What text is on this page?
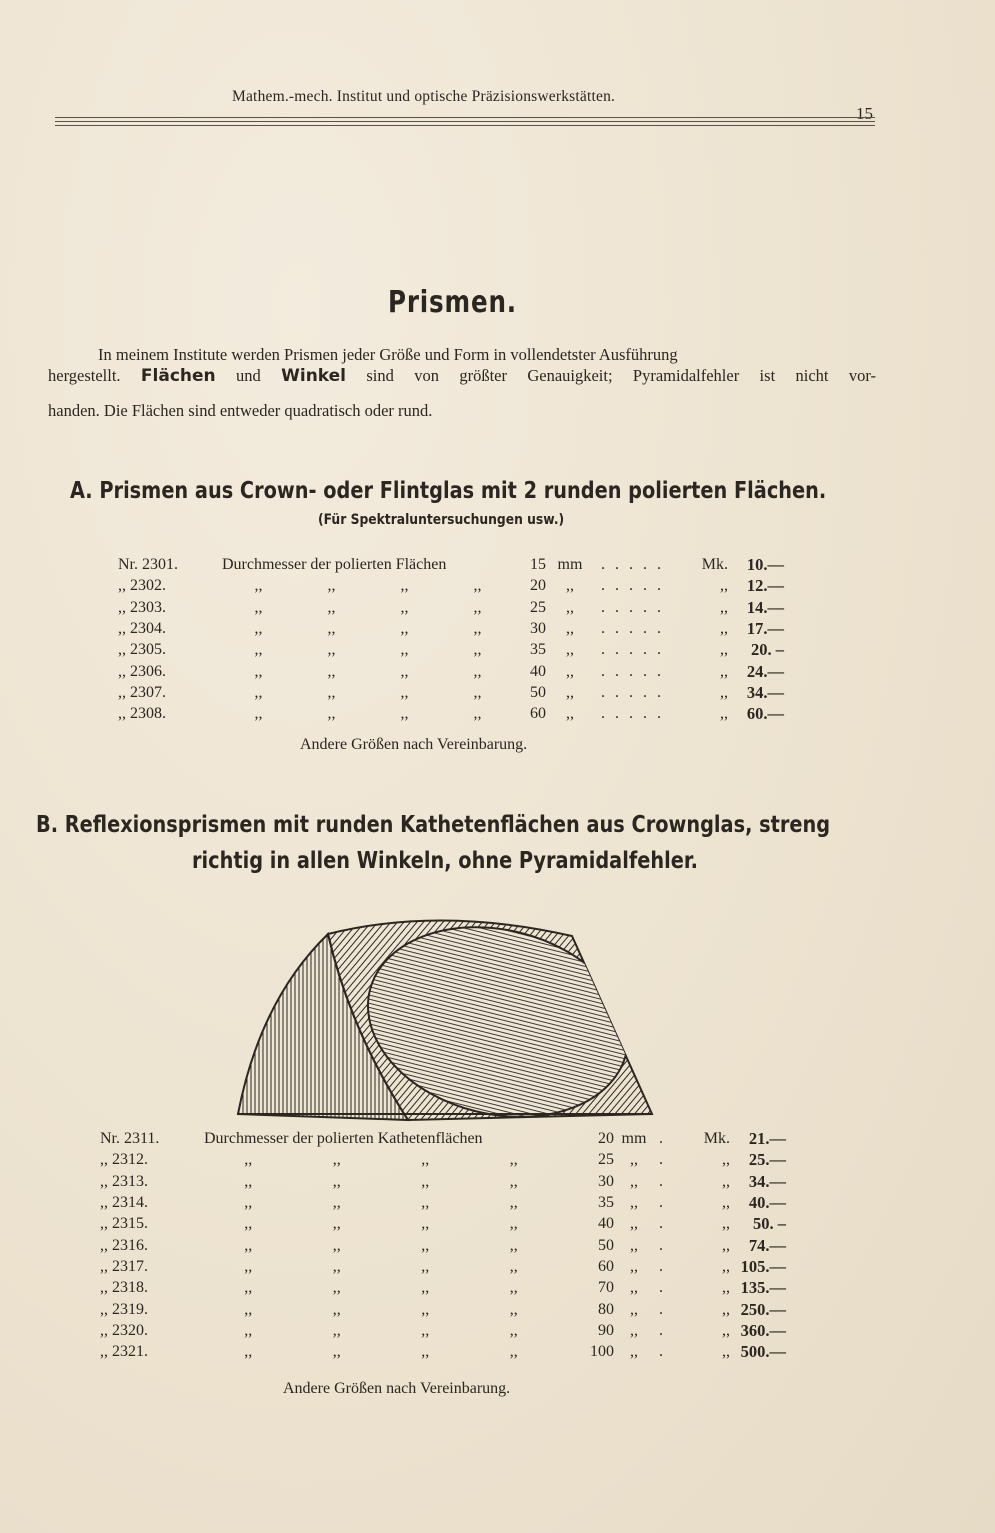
Mathem.-mech. Institut und optische Präzisionswerkstätten.
15
Prismen.
In meinem Institute werden Prismen jeder Größe und Form in vollendetster Ausführung
hergestellt. Flächen und Winkel sind von größter Genauigkeit; Pyramidalfehler ist nicht vor-
handen. Die Flächen sind entweder quadratisch oder rund.
A. Prismen aus Crown- oder Flintglas mit 2 runden polierten Flächen.
(Für Spektraluntersuchungen usw.)
Nr. 2301.	Durchmesser der polierten Flächen	15	mm	.....	Mk.	10.—
,, 2302.	,, ,, ,, ,,	20	,,	.....	,,	12.—
,, 2303.	,, ,, ,, ,,	25	,,	.....	,,	14.—
,, 2304.	,, ,, ,, ,,	30	,,	.....	,,	17.—
,, 2305.	,, ,, ,, ,,	35	,,	.....	,,	20. –
,, 2306.	,, ,, ,, ,,	40	,,	.....	,,	24.—
,, 2307.	,, ,, ,, ,,	50	,,	.....	,,	34.—
,, 2308.	,, ,, ,, ,,	60	,,	.....	,,	60.—
Andere Größen nach Vereinbarung.
B. Reflexionsprismen mit runden Kathetenflächen aus Crownglas, streng
richtig in allen Winkeln, ohne Pyramidalfehler.
Nr. 2311.	Durchmesser der polierten Kathetenflächen	20	mm	.	Mk.	21.—
,, 2312.	,, ,, ,, ,,	25	,,	.	,,	25.—
,, 2313.	,, ,, ,, ,,	30	,,	.	,,	34.—
,, 2314.	,, ,, ,, ,,	35	,,	.	,,	40.—
,, 2315.	,, ,, ,, ,,	40	,,	.	,,	50. –
,, 2316.	,, ,, ,, ,,	50	,,	.	,,	74.—
,, 2317.	,, ,, ,, ,,	60	,,	.	,,	105.—
,, 2318.	,, ,, ,, ,,	70	,,	.	,,	135.—
,, 2319.	,, ,, ,, ,,	80	,,	.	,,	250.—
,, 2320.	,, ,, ,, ,,	90	,,	.	,,	360.—
,, 2321.	,, ,, ,, ,,	100	,,	.	,,	500.—
Andere Größen nach Vereinbarung.
